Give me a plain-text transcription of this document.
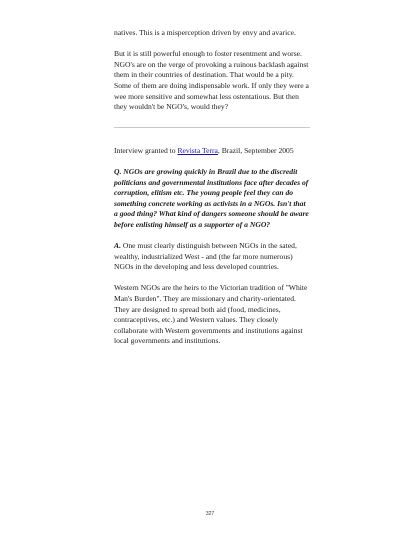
natives. This is a misperception driven by envy and avarice.

But it is still powerful enough to foster resentment and worse. NGO's are on the verge of provoking a ruinous backlash against them in their countries of destination. That would be a pity. Some of them are doing indispensable work. If only they were a wee more sensitive and somewhat less ostentatious. But then they wouldn't be NGO's, would they?

Interview granted to Revista Terra, Brazil, September 2005

Q. NGOs are growing quickly in Brazil due to the discredit politicians and governmental institutions face after decades of corruption, elitism etc. The young people feel they can do something concrete working as activists in a NGOs. Isn't that a good thing? What kind of dangers someone should be aware before enlisting himself as a supporter of a NGO?

A. One must clearly distinguish between NGOs in the sated, wealthy, industrialized West - and (the far more numerous) NGOs in the developing and less developed countries.

Western NGOs are the heirs to the Victorian tradition of "White Man's Burden". They are missionary and charity-orientated. They are designed to spread both aid (food, medicines, contraceptives, etc.) and Western values. They closely collaborate with Western governments and institutions against local governments and institutions.

327
